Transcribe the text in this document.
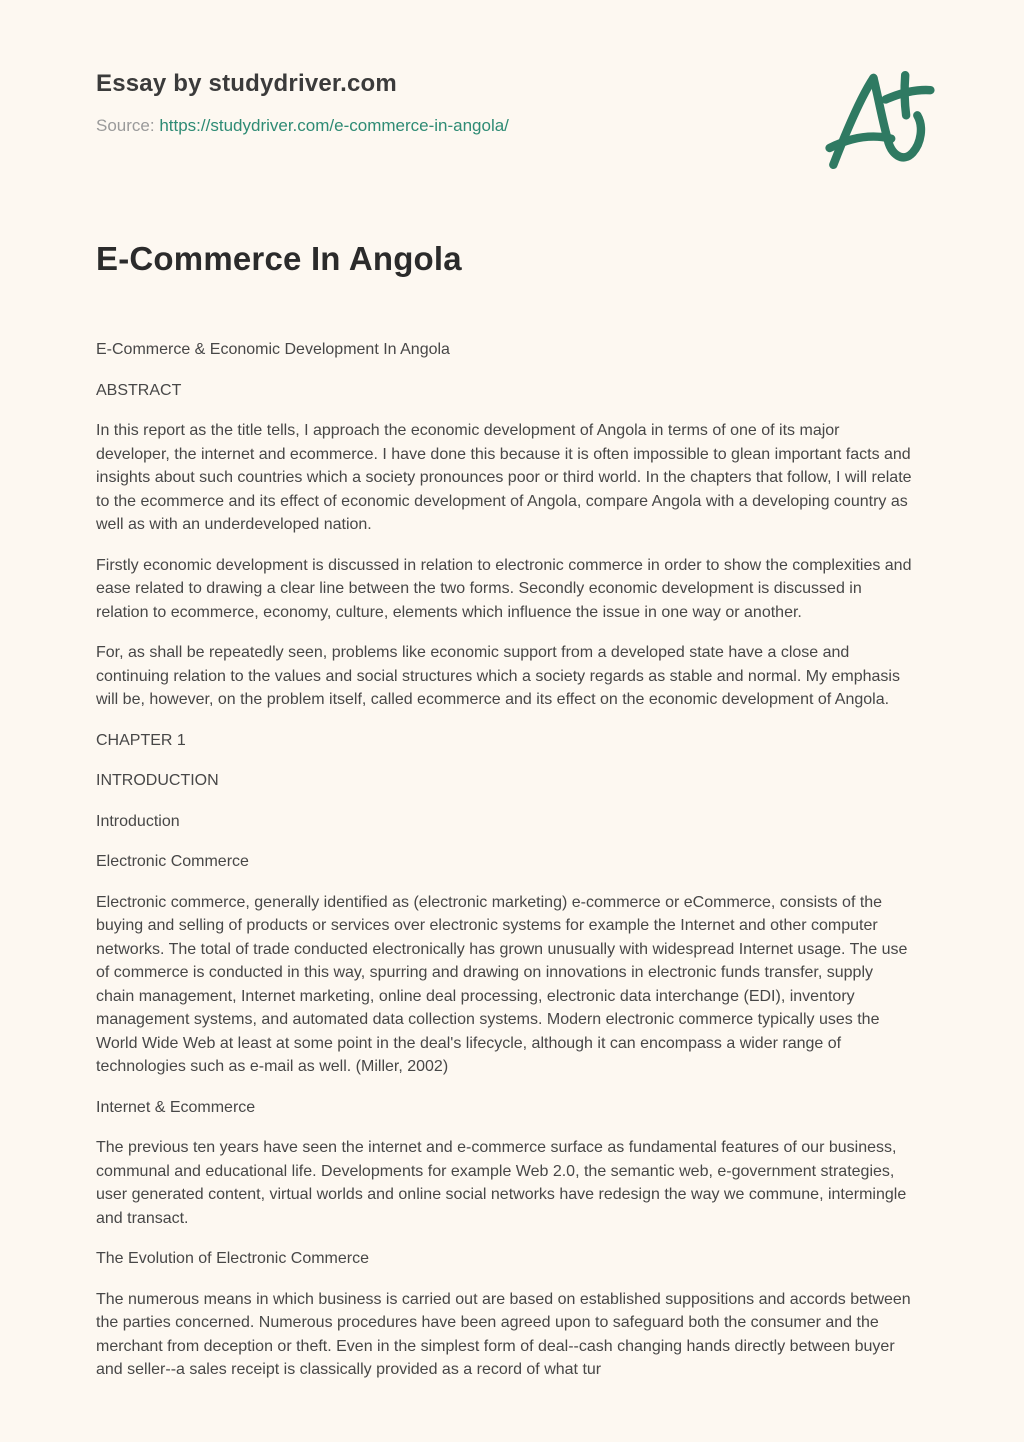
Essay by studydriver.com
Source: https://studydriver.com/e-commerce-in-angola/
E-Commerce In Angola

E-Commerce & Economic Development In Angola

ABSTRACT

In this report as the title tells, I approach the economic development of Angola in terms of one of its major developer, the internet and ecommerce. I have done this because it is often impossible to glean important facts and insights about such countries which a society pronounces poor or third world. In the chapters that follow, I will relate to the ecommerce and its effect of economic development of Angola, compare Angola with a developing country as well as with an underdeveloped nation.

Firstly economic development is discussed in relation to electronic commerce in order to show the complexities and ease related to drawing a clear line between the two forms. Secondly economic development is discussed in relation to ecommerce, economy, culture, elements which influence the issue in one way or another.

For, as shall be repeatedly seen, problems like economic support from a developed state have a close and continuing relation to the values and social structures which a society regards as stable and normal. My emphasis will be, however, on the problem itself, called ecommerce and its effect on the economic development of Angola.

CHAPTER 1

INTRODUCTION

Introduction

Electronic Commerce

Electronic commerce, generally identified as (electronic marketing) e-commerce or eCommerce, consists of the buying and selling of products or services over electronic systems for example the Internet and other computer networks. The total of trade conducted electronically has grown unusually with widespread Internet usage. The use of commerce is conducted in this way, spurring and drawing on innovations in electronic funds transfer, supply chain management, Internet marketing, online deal processing, electronic data interchange (EDI), inventory management systems, and automated data collection systems. Modern electronic commerce typically uses the World Wide Web at least at some point in the deal's lifecycle, although it can encompass a wider range of technologies such as e-mail as well. (Miller, 2002)

Internet & Ecommerce

The previous ten years have seen the internet and e-commerce surface as fundamental features of our business, communal and educational life. Developments for example Web 2.0, the semantic web, e-government strategies, user generated content, virtual worlds and online social networks have redesign the way we commune, intermingle and transact.

The Evolution of Electronic Commerce

The numerous means in which business is carried out are based on established suppositions and accords between the parties concerned. Numerous procedures have been agreed upon to safeguard both the consumer and the merchant from deception or theft. Even in the simplest form of deal--cash changing hands directly between buyer and seller--a sales receipt is classically provided as a record of what tur
